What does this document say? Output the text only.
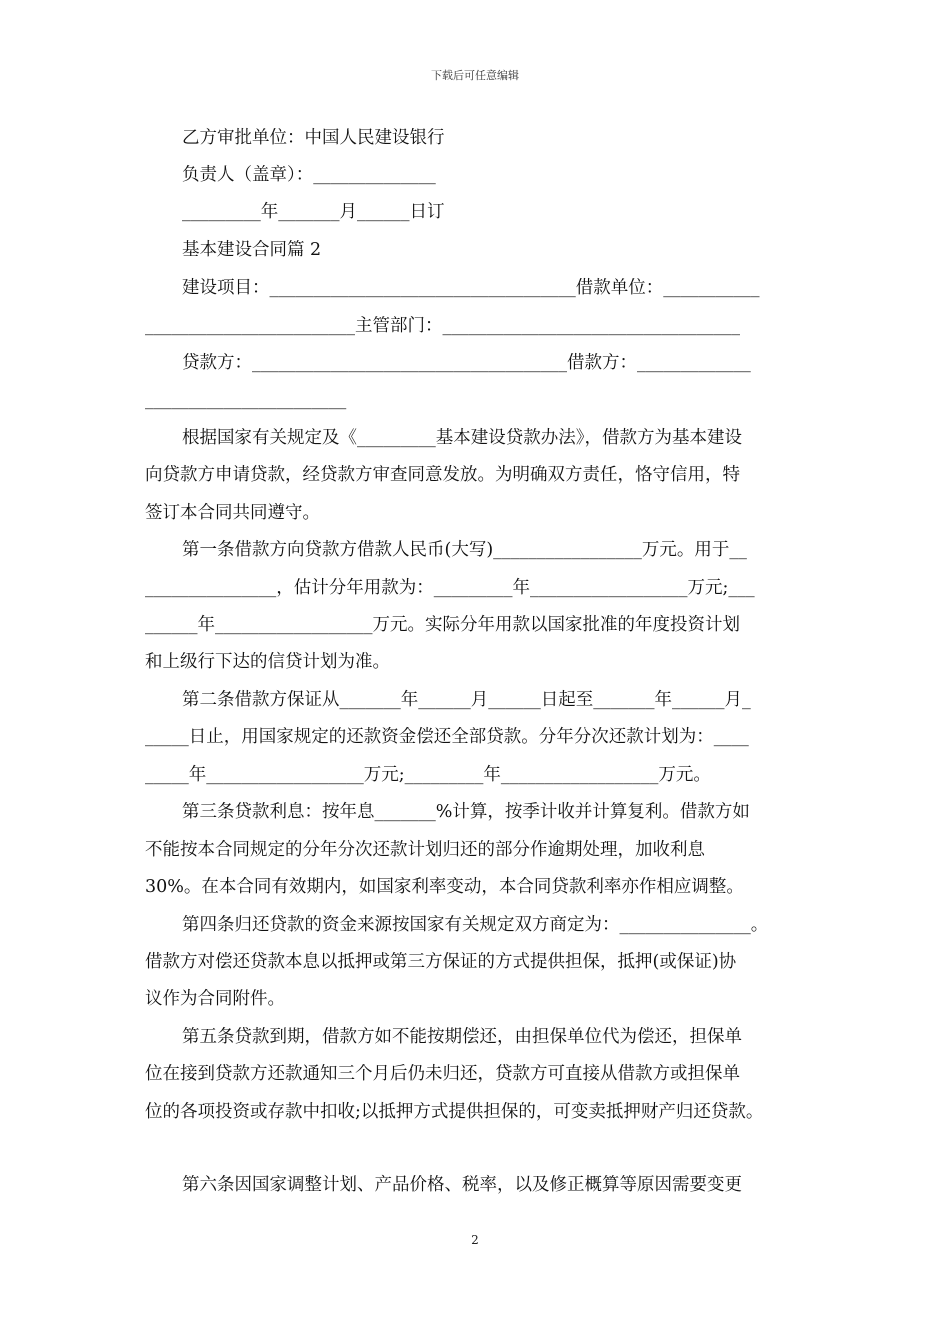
下载后可任意编辑
乙方审批单位：中国人民建设银行
负责人（盖章）：______________
_________年_______月______日订
基本建设合同篇 2
建设项目：___________________________________借款单位：___________
________________________主管部门：__________________________________
贷款方：____________________________________借款方：_____________
_______________________
根据国家有关规定及《_________基本建设贷款办法》，借款方为基本建设
向贷款方申请贷款，经贷款方审查同意发放。为明确双方责任，恪守信用，特
签订本合同共同遵守。
第一条借款方向贷款方借款人民币(大写)_________________万元。用于__
_______________，估计分年用款为：_________年__________________万元;___
______年__________________万元。实际分年用款以国家批准的年度投资计划
和上级行下达的信贷计划为准。
第二条借款方保证从_______年______月______日起至_______年______月_
_____日止，用国家规定的还款资金偿还全部贷款。分年分次还款计划为：____
_____年__________________万元;_________年__________________万元。
第三条贷款利息：按年息_______%计算，按季计收并计算复利。借款方如
不能按本合同规定的分年分次还款计划归还的部分作逾期处理，加收利息
30%。在本合同有效期内，如国家利率变动，本合同贷款利率亦作相应调整。
第四条归还贷款的资金来源按国家有关规定双方商定为：_______________。
借款方对偿还贷款本息以抵押或第三方保证的方式提供担保，抵押(或保证)协
议作为合同附件。
第五条贷款到期，借款方如不能按期偿还，由担保单位代为偿还，担保单
位在接到贷款方还款通知三个月后仍未归还，贷款方可直接从借款方或担保单
位的各项投资或存款中扣收;以抵押方式提供担保的，可变卖抵押财产归还贷款。
第六条因国家调整计划、产品价格、税率，以及修正概算等原因需要变更
2
